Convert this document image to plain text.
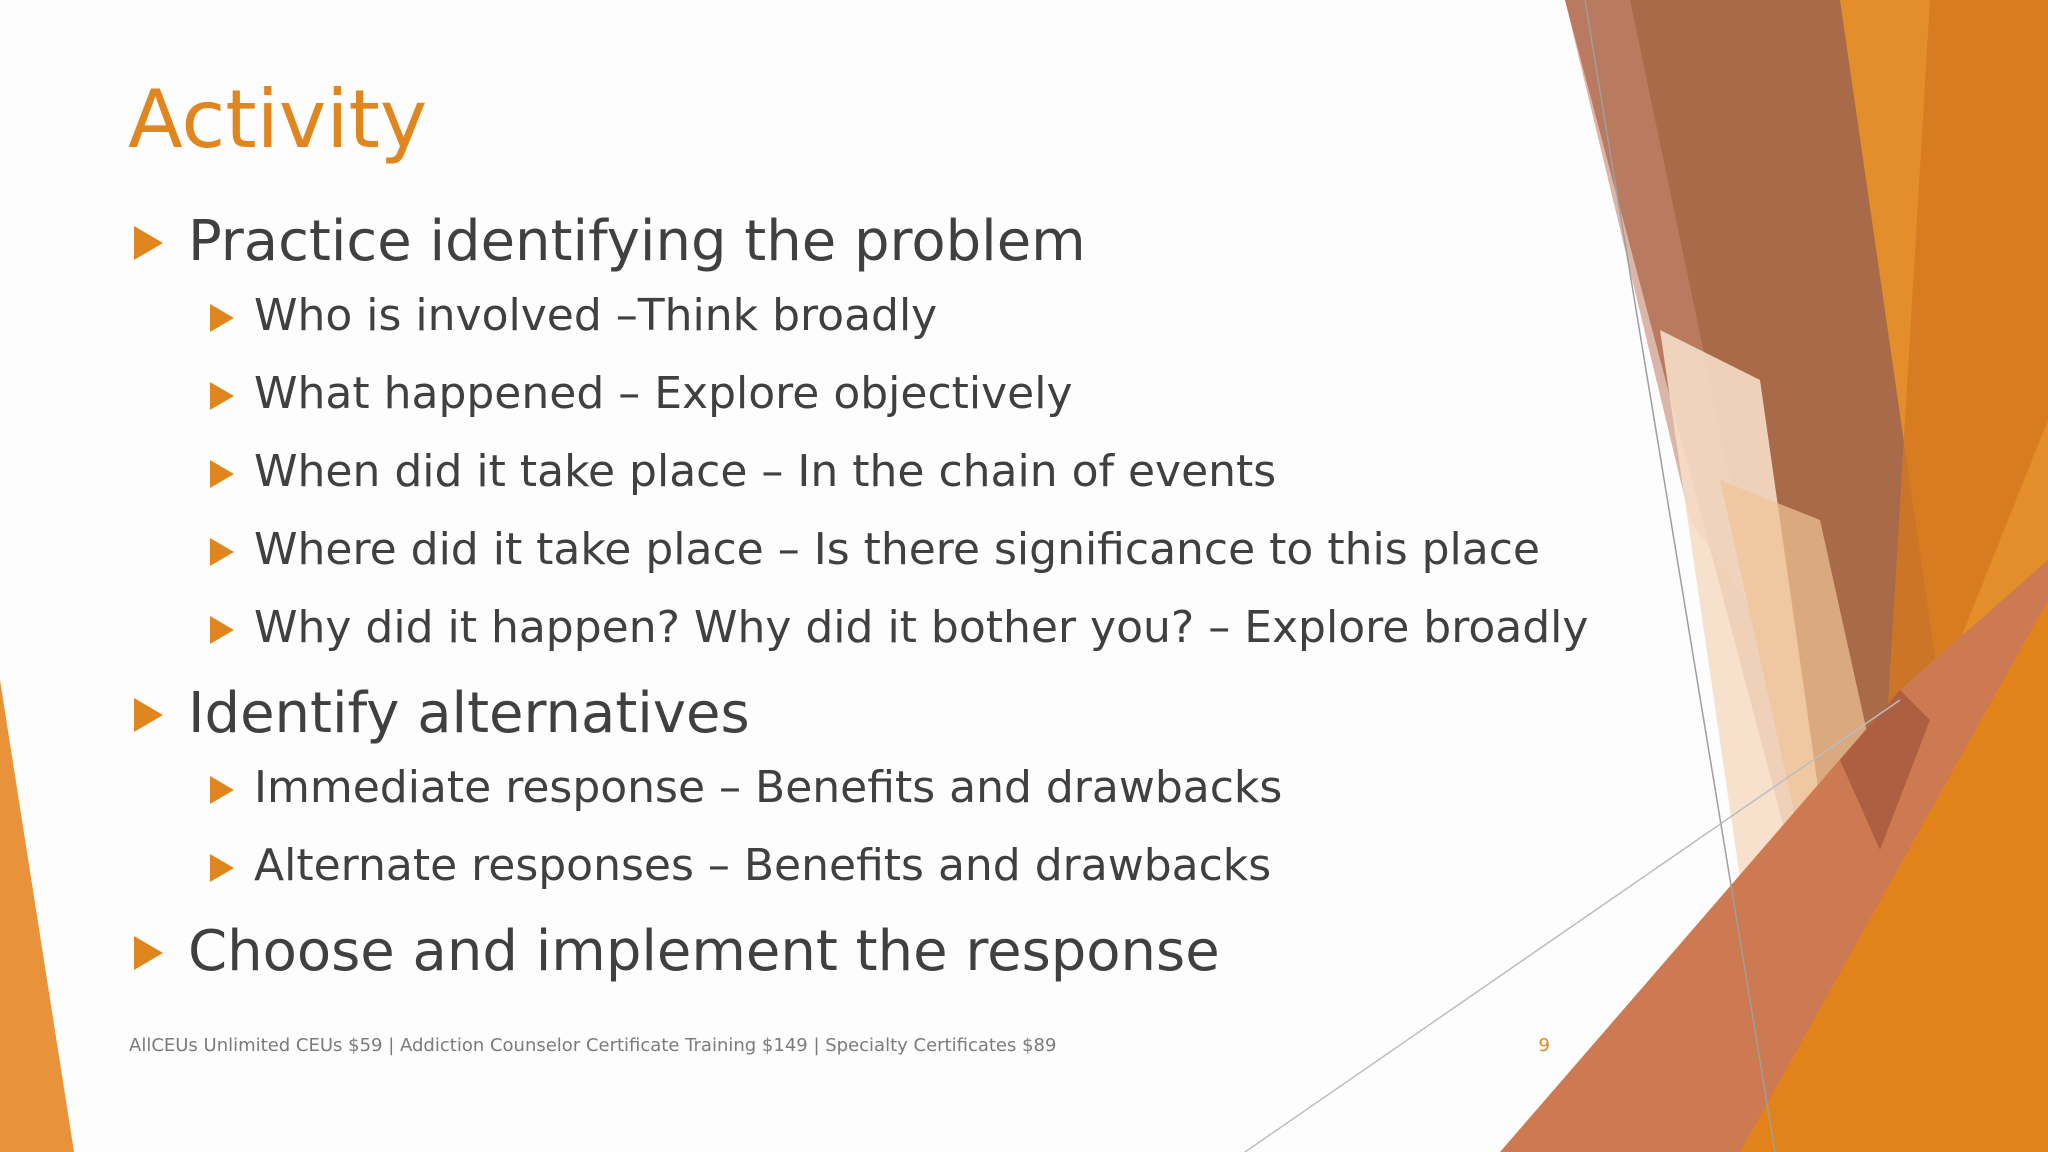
Activity
Practice identifying the problem
Who is involved –Think broadly
What happened – Explore objectively
When did it take place – In the chain of events
Where did it take place – Is there significance to this place
Why did it happen? Why did it bother you? – Explore broadly
Identify alternatives
Immediate response – Benefits and drawbacks
Alternate responses – Benefits and drawbacks
Choose and implement the response
AllCEUs Unlimited CEUs $59 | Addiction Counselor Certificate Training $149 | Specialty Certificates $89	9
